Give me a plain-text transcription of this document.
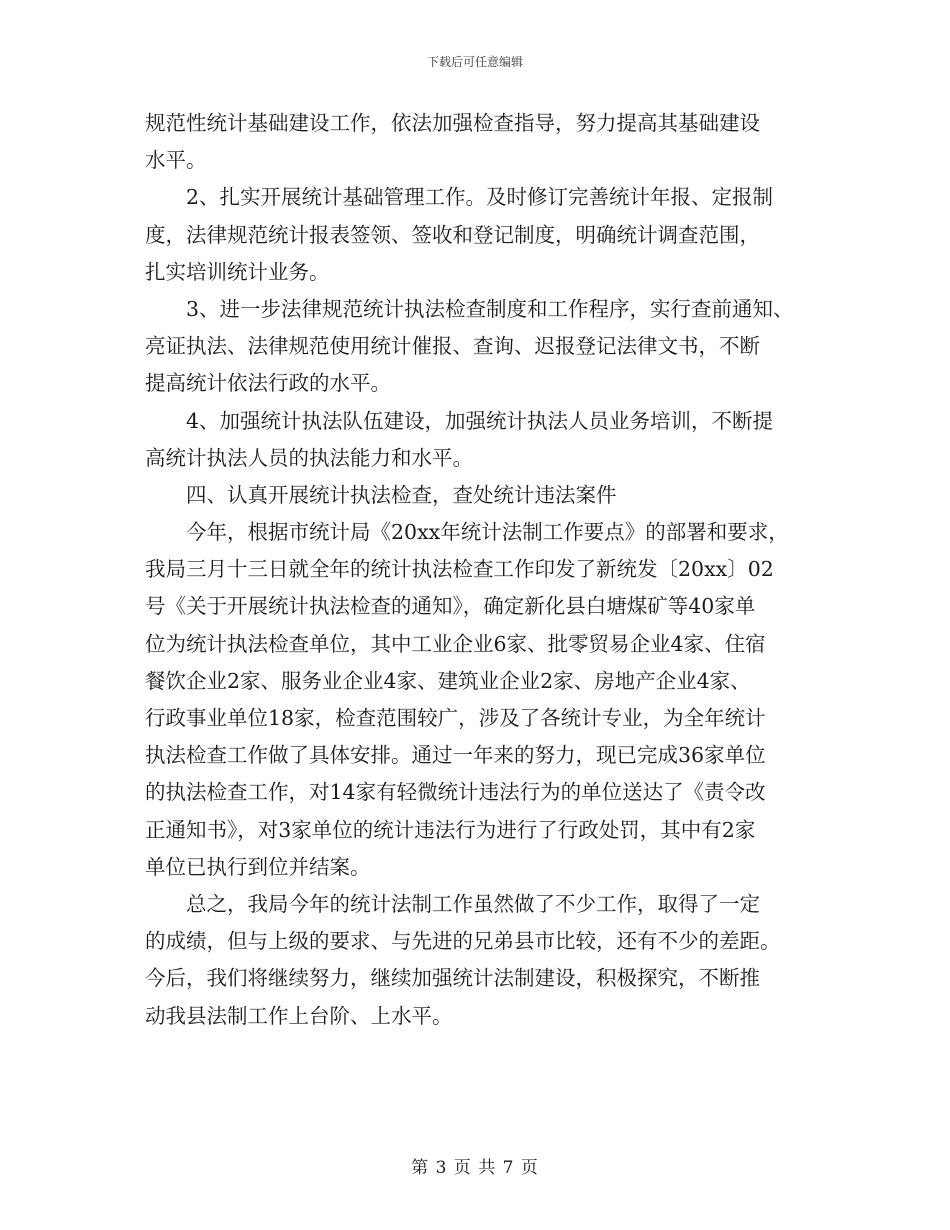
下载后可任意编辑
规范性统计基础建设工作，依法加强检查指导，努力提高其基础建设
水平。
2、扎实开展统计基础管理工作。及时修订完善统计年报、定报制
度，法律规范统计报表签领、签收和登记制度，明确统计调查范围，
扎实培训统计业务。
3、进一步法律规范统计执法检查制度和工作程序，实行查前通知、
亮证执法、法律规范使用统计催报、查询、迟报登记法律文书，不断
提高统计依法行政的水平。
4、加强统计执法队伍建设，加强统计执法人员业务培训，不断提
高统计执法人员的执法能力和水平。
四、认真开展统计执法检查，查处统计违法案件
今年，根据市统计局《20xx年统计法制工作要点》的部署和要求，
我局三月十三日就全年的统计执法检查工作印发了新统发〔20xx〕02
号《关于开展统计执法检查的通知》，确定新化县白塘煤矿等40家单
位为统计执法检查单位，其中工业企业6家、批零贸易企业4家、住宿
餐饮企业2家、服务业企业4家、建筑业企业2家、房地产企业4家、
行政事业单位18家，检查范围较广，涉及了各统计专业，为全年统计
执法检查工作做了具体安排。通过一年来的努力，现已完成36家单位
的执法检查工作，对14家有轻微统计违法行为的单位送达了《责令改
正通知书》，对3家单位的统计违法行为进行了行政处罚，其中有2家
单位已执行到位并结案。
总之，我局今年的统计法制工作虽然做了不少工作，取得了一定
的成绩，但与上级的要求、与先进的兄弟县市比较，还有不少的差距。
今后，我们将继续努力，继续加强统计法制建设，积极探究，不断推
动我县法制工作上台阶、上水平。
第 3 页 共 7 页
